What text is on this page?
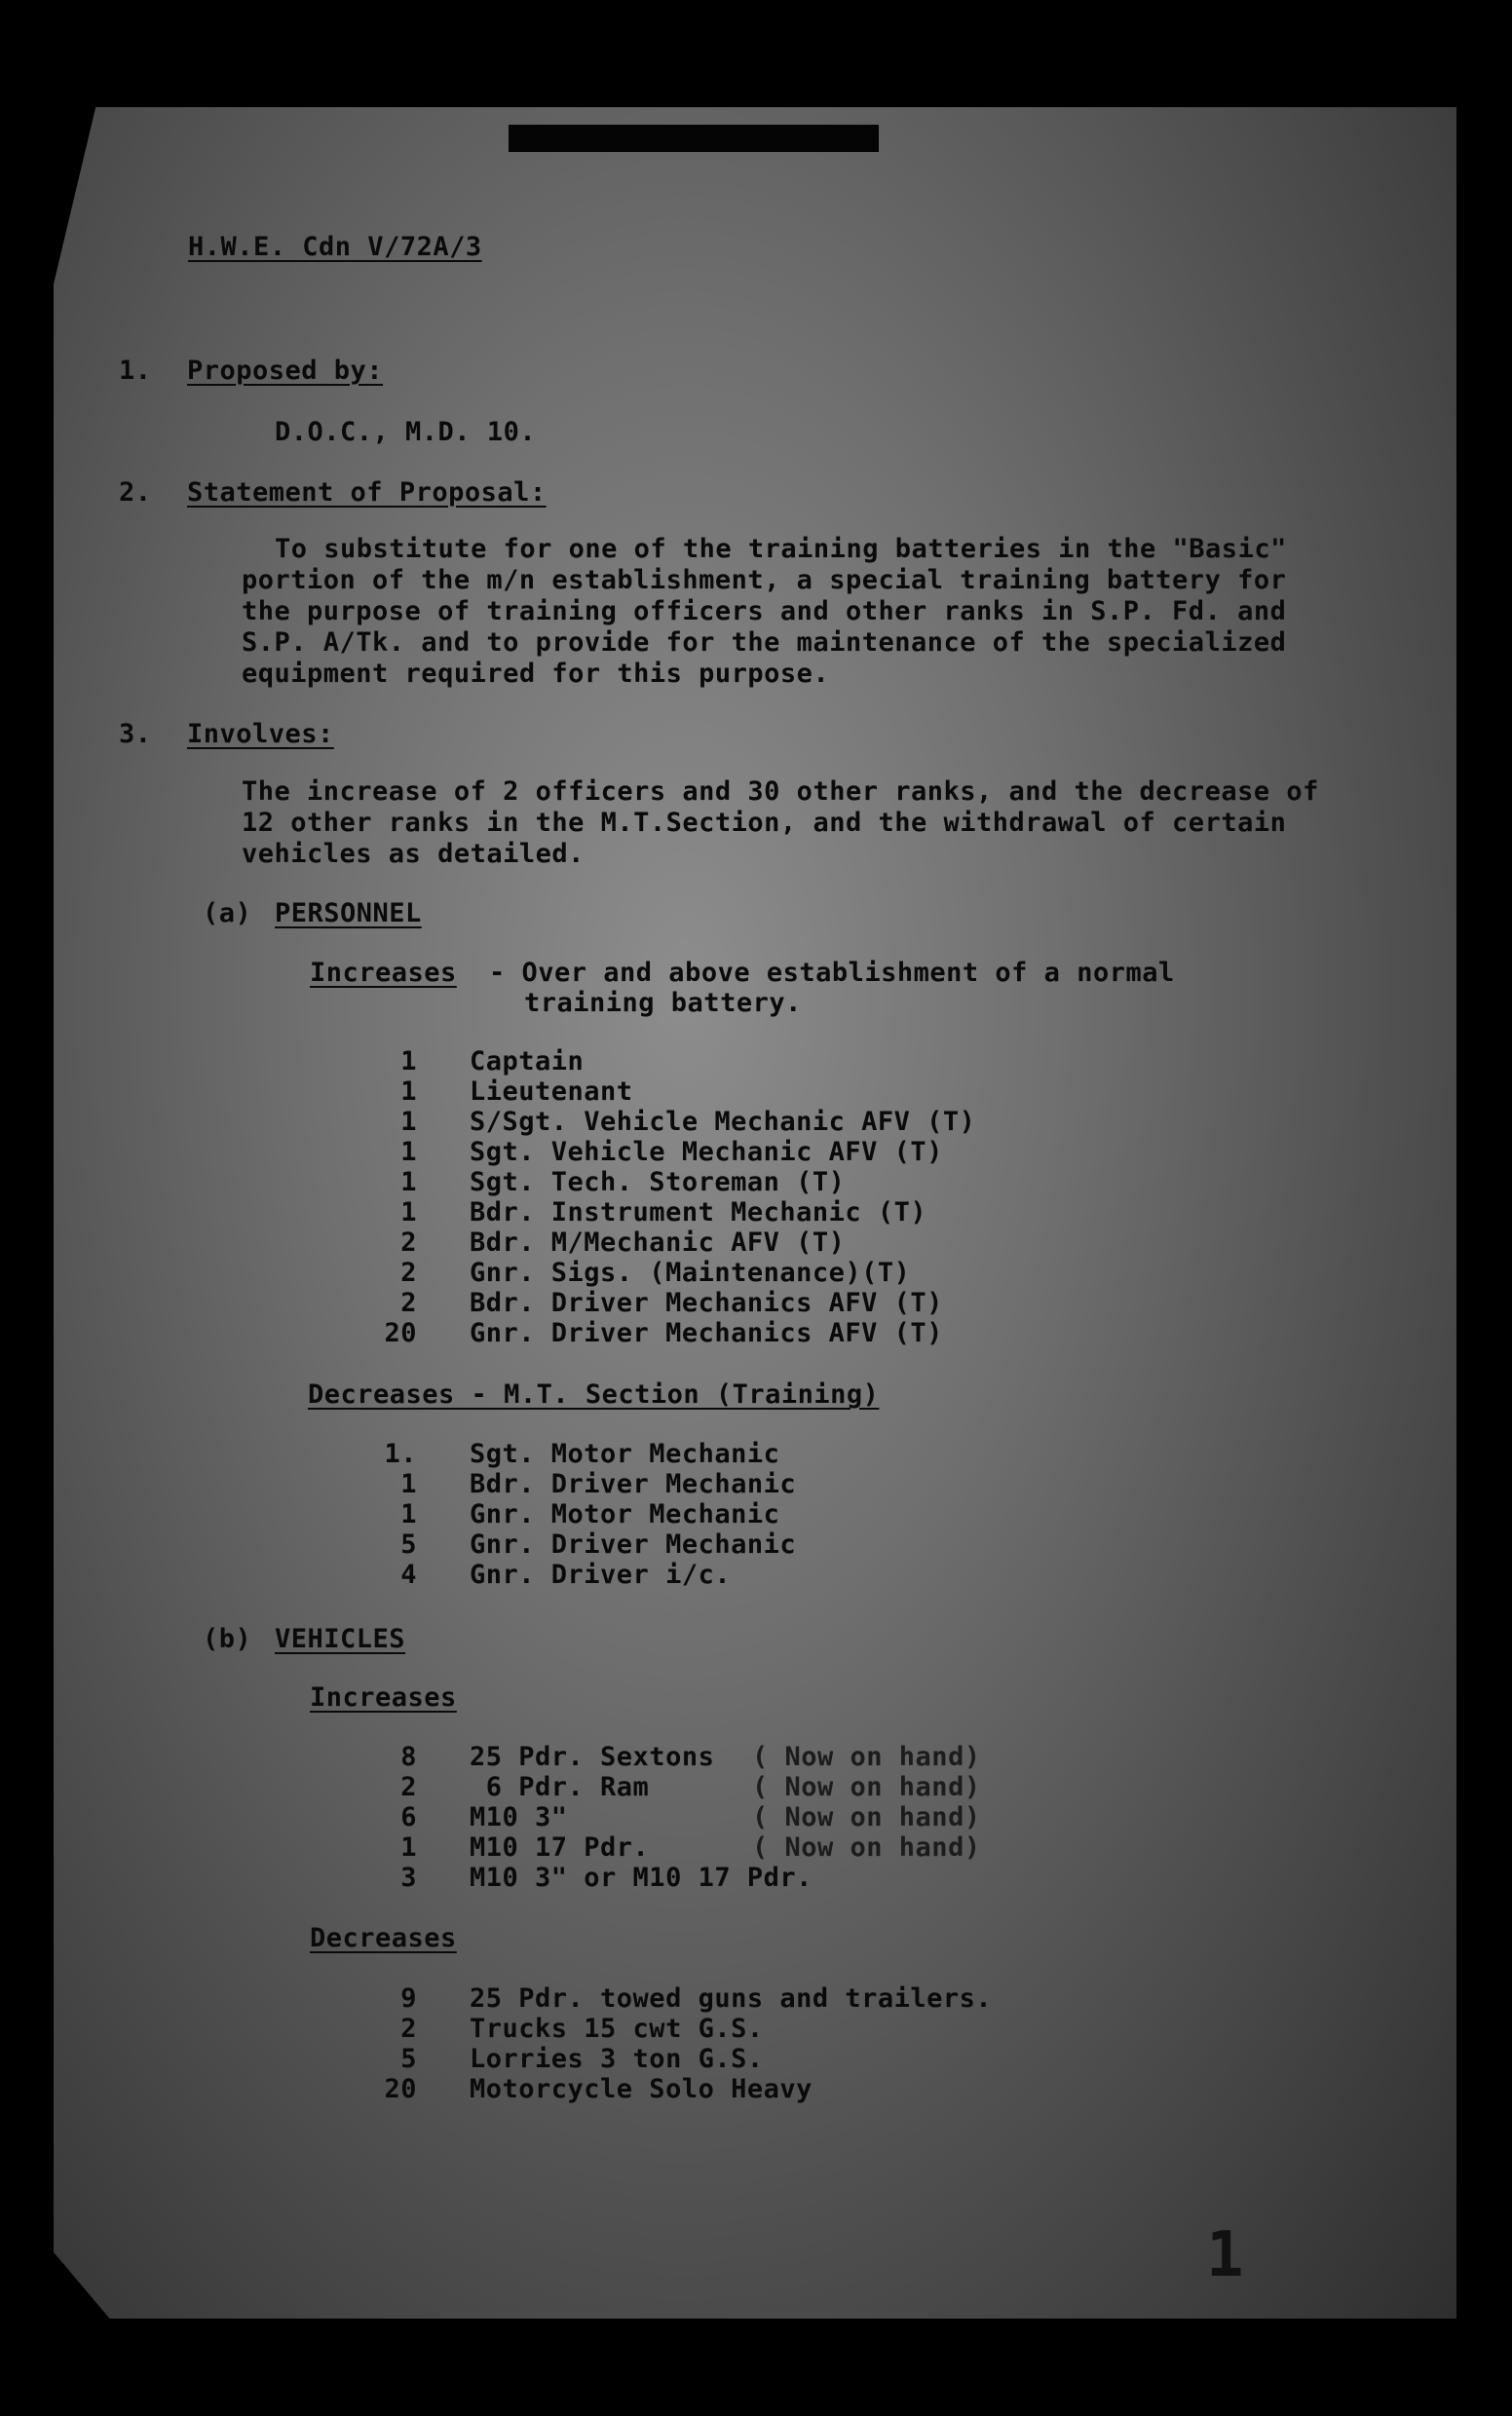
H.W.E. Cdn V/72A/3
1. Proposed by:
D.O.C., M.D. 10.
2. Statement of Proposal:
To substitute for one of the training batteries in the "Basic"
portion of the m/n establishment, a special training battery for
the purpose of training officers and other ranks in S.P. Fd. and
S.P. A/Tk. and to provide for the maintenance of the specialized
equipment required for this purpose.
3. Involves:
The increase of 2 officers and 30 other ranks, and the decrease of
12 other ranks in the M.T.Section, and the withdrawal of certain
vehicles as detailed.
(a) PERSONNEL
Increases - Over and above establishment of a normal
training battery.
1 Captain
1 Lieutenant
1 S/Sgt. Vehicle Mechanic AFV (T)
1 Sgt. Vehicle Mechanic AFV (T)
1 Sgt. Tech. Storeman (T)
1 Bdr. Instrument Mechanic (T)
2 Bdr. M/Mechanic AFV (T)
2 Gnr. Sigs. (Maintenance)(T)
2 Bdr. Driver Mechanics AFV (T)
20 Gnr. Driver Mechanics AFV (T)
Decreases - M.T. Section (Training)
1. Sgt. Motor Mechanic
1 Bdr. Driver Mechanic
1 Gnr. Motor Mechanic
5 Gnr. Driver Mechanic
4 Gnr. Driver i/c.
(b) VEHICLES
Increases
8 25 Pdr. Sextons ( Now on hand)
2 6 Pdr. Ram	( Now on hand)
6 M10 3"	( Now on hand)
1 M10 17 Pdr.	( Now on hand)
3 M10 3" or M10 17 Pdr.
Decreases
9 25 Pdr. towed guns and trailers.
2 Trucks 15 cwt G.S.
5 Lorries 3 ton G.S.
20 Motorcycle Solo Heavy
1
